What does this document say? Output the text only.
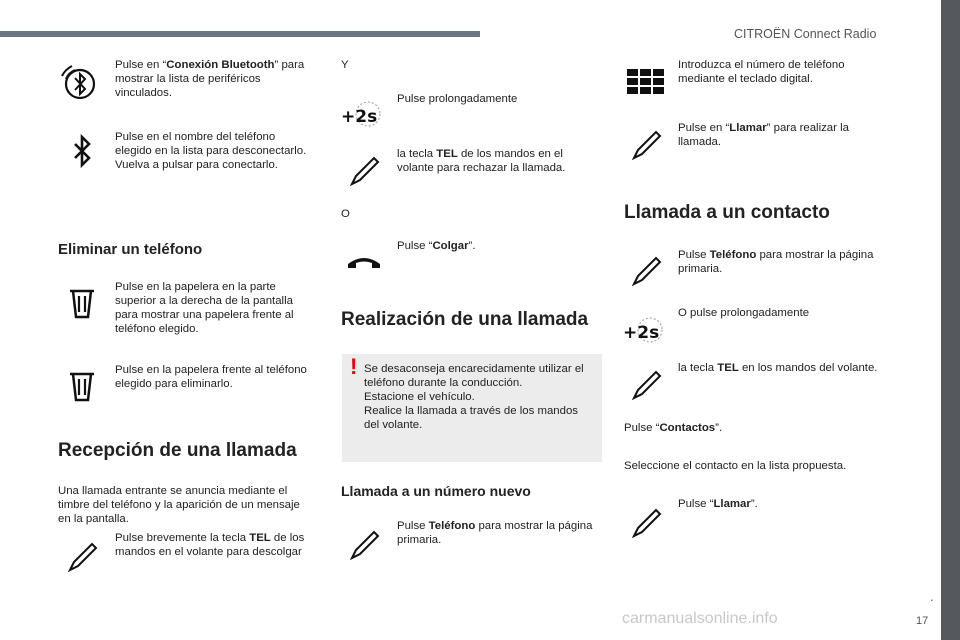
CITROËN Connect Radio
Pulse en “Conexión Bluetooth” para mostrar la lista de periféricos vinculados.
Pulse en el nombre del teléfono elegido en la lista para desconectarlo. Vuelva a pulsar para conectarlo.
Eliminar un teléfono
Pulse en la papelera en la parte superior a la derecha de la pantalla para mostrar una papelera frente al teléfono elegido.
Pulse en la papelera frente al teléfono elegido para eliminarlo.
Recepción de una llamada
Una llamada entrante se anuncia mediante el timbre del teléfono y la aparición de un mensaje en la pantalla.
Pulse brevemente la tecla TEL de los mandos en el volante para descolgar
Y
+2s
Pulse prolongadamente
la tecla TEL de los mandos en el volante para rechazar la llamada.
O
Pulse “Colgar”.
Realización de una llamada
! Se desaconseja encarecidamente utilizar el teléfono durante la conducción.
Estacione el vehículo.
Realice la llamada a través de los mandos del volante.
Llamada a un número nuevo
Pulse Teléfono para mostrar la página primaria.
Introduzca el número de teléfono mediante el teclado digital.
Pulse en “Llamar” para realizar la llamada.
Llamada a un contacto
Pulse Teléfono para mostrar la página primaria.
+2s
O pulse prolongadamente
la tecla TEL en los mandos del volante.
Pulse “Contactos”.
Seleccione el contacto en la lista propuesta.
Pulse “Llamar”.
carmanualsonline.info
.
17
